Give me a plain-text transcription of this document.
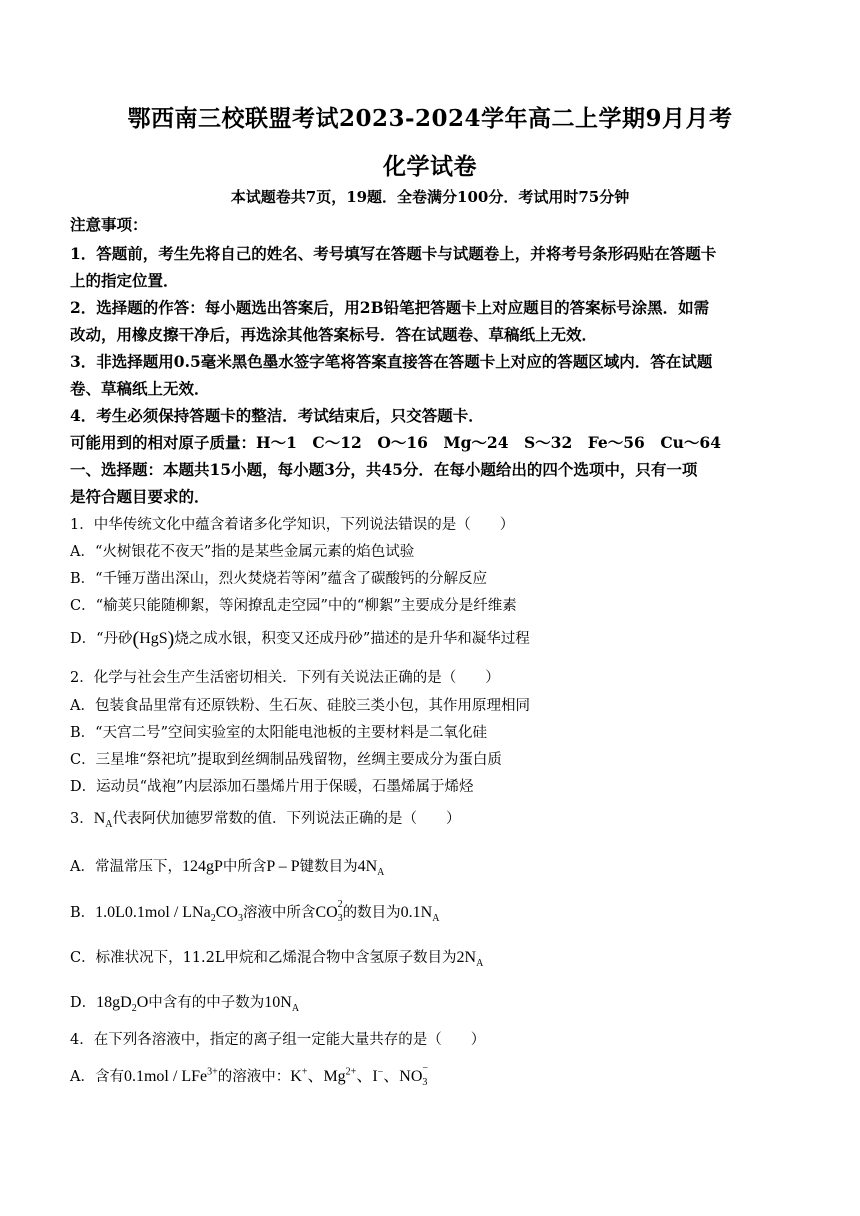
鄂西南三校联盟考试2023-2024学年高二上学期9月月考
化学试卷
本试题卷共7页，19题．全卷满分100分．考试用时75分钟
注意事项：
1．答题前，考生先将自己的姓名、考号填写在答题卡与试题卷上，并将考号条形码贴在答题卡
上的指定位置．
2．选择题的作答：每小题选出答案后，用2B铅笔把答题卡上对应题目的答案标号涂黑．如需
改动，用橡皮擦干净后，再选涂其他答案标号．答在试题卷、草稿纸上无效．
3．非选择题用0.5毫米黑色墨水签字笔将答案直接答在答题卡上对应的答题区域内．答在试题
卷、草稿纸上无效．
4．考生必须保持答题卡的整洁．考试结束后，只交答题卡．
可能用到的相对原子质量：H～1　C～12　O～16　Mg～24　S～32　Fe～56　Cu～64
一、选择题：本题共15小题，每小题3分，共45分．在每小题给出的四个选项中，只有一项
是符合题目要求的．
1．中华传统文化中蕴含着诸多化学知识，下列说法错误的是（　　）
A．“火树银花不夜天”指的是某些金属元素的焰色试验
B．“千锤万凿出深山，烈火焚烧若等闲”蕴含了碳酸钙的分解反应
C．“榆荚只能随柳絮，等闲撩乱走空园”中的“柳絮”主要成分是纤维素
D．“丹砂(HgS)烧之成水银，积变又还成丹砂”描述的是升华和凝华过程
2．化学与社会生产生活密切相关．下列有关说法正确的是（　　）
A．包装食品里常有还原铁粉、生石灰、硅胶三类小包，其作用原理相同
B．“天宫二号”空间实验室的太阳能电池板的主要材料是二氧化硅
C．三星堆“祭祀坑”提取到丝绸制品残留物，丝绸主要成分为蛋白质
D．运动员“战袍”内层添加石墨烯片用于保暖，石墨烯属于烯烃
3．$N_A$代表阿伏加德罗常数的值．下列说法正确的是（　　）
A．常温常压下，124gP中所含P – P键数目为$4N_A$
B．$1.0L0.1mol / LNa_2CO_3$溶液中所含CO $_{2 3}$的数目为$0.1N_A$
C．标准状况下，11.2L甲烷和乙烯混合物中含氢原子数目为$2N_A$
D．$18gD_2O$中含有的中子数为$10N_A$
4．在下列各溶液中，指定的离子组一定能大量共存的是（　　）
A．含有0.1mol / LFe$^{3+}$的溶液中：K+、$Mg^{2+}$、I−、NO $_{- 3}$
